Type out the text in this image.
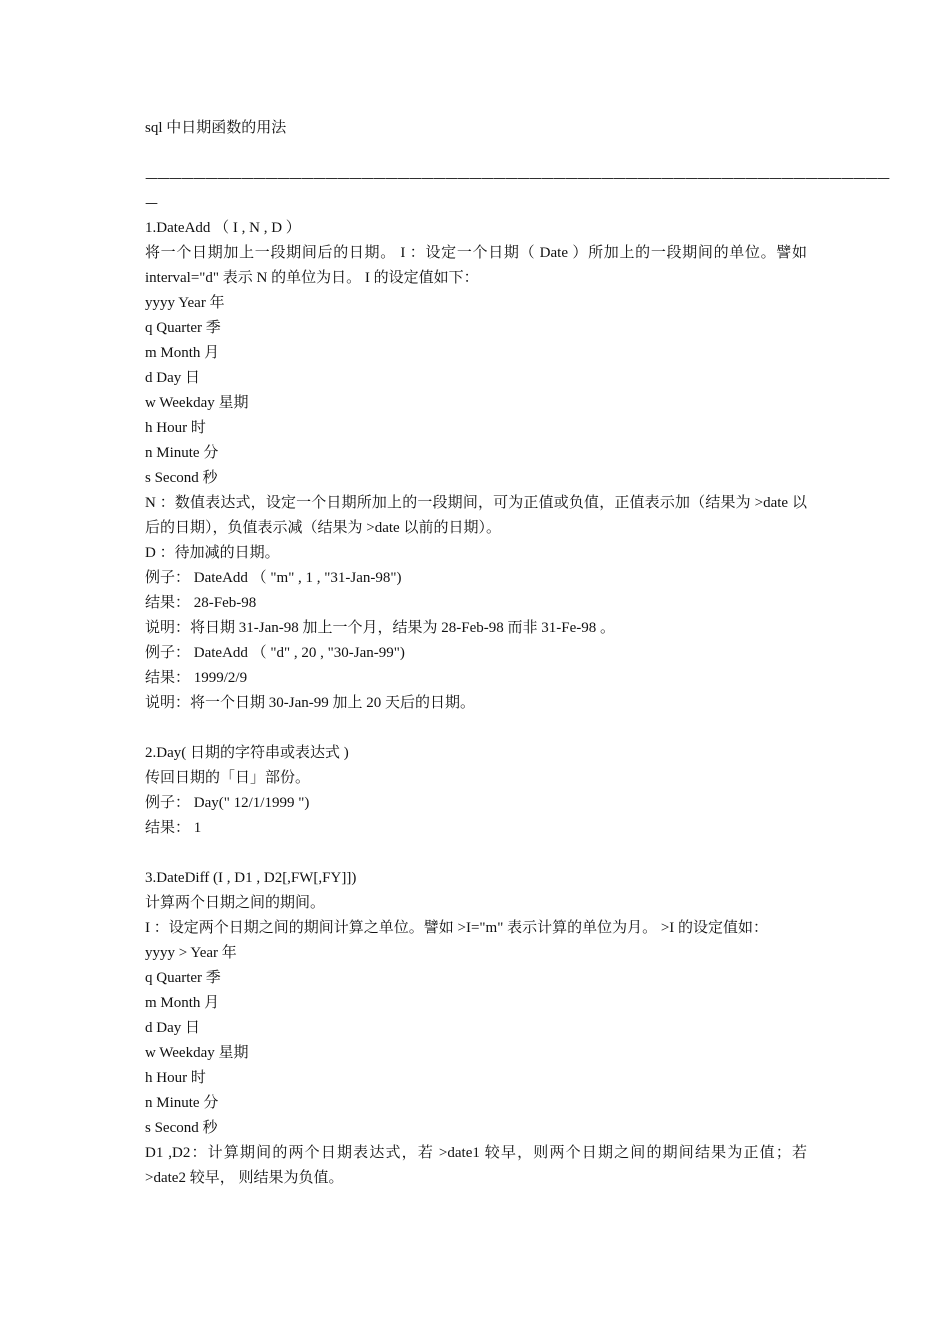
sql 中日期函数的用法
——————————————————————————————————————————————————————————————
—
1.DateAdd （ I , N , D ）
将一个日期加上一段期间后的日期。 I ：设定一个日期（ Date ）所加上的一段期间的单位。譬如 interval="d" 表示 N 的单位为日。 I 的设定值如下：
yyyy Year 年
q Quarter 季
m Month 月
d Day 日
w Weekday 星期
h Hour 时
n Minute 分
s Second 秒
N ：数值表达式，设定一个日期所加上的一段期间，可为正值或负值，正值表示加（结果为 >date 以后的日期），负值表示减（结果为 >date 以前的日期）。
D ：待加减的日期。
例子： DateAdd （ "m" , 1 , "31-Jan-98")
结果： 28-Feb-98
说明：将日期 31-Jan-98 加上一个月，结果为 28-Feb-98 而非 31-Fe-98 。
例子： DateAdd （ "d" , 20 , "30-Jan-99")
结果： 1999/2/9
说明：将一个日期 30-Jan-99 加上 20 天后的日期。
2.Day( 日期的字符串或表达式 )
传回日期的「日」部份。
例子： Day(" 12/1/1999 ")
结果： 1
3.DateDiff (I , D1 , D2[,FW[,FY]])
计算两个日期之间的期间。
I ：设定两个日期之间的期间计算之单位。譬如 >I="m" 表示计算的单位为月。 >I 的设定值如：
yyyy > Year 年
q Quarter 季
m Month 月
d Day 日
w Weekday 星期
h Hour 时
n Minute 分
s Second 秒
D1 ,D2：计算期间的两个日期表达式，若 >date1 较早，则两个日期之间的期间结果为正值；若 >date2 较早， 则结果为负值。
